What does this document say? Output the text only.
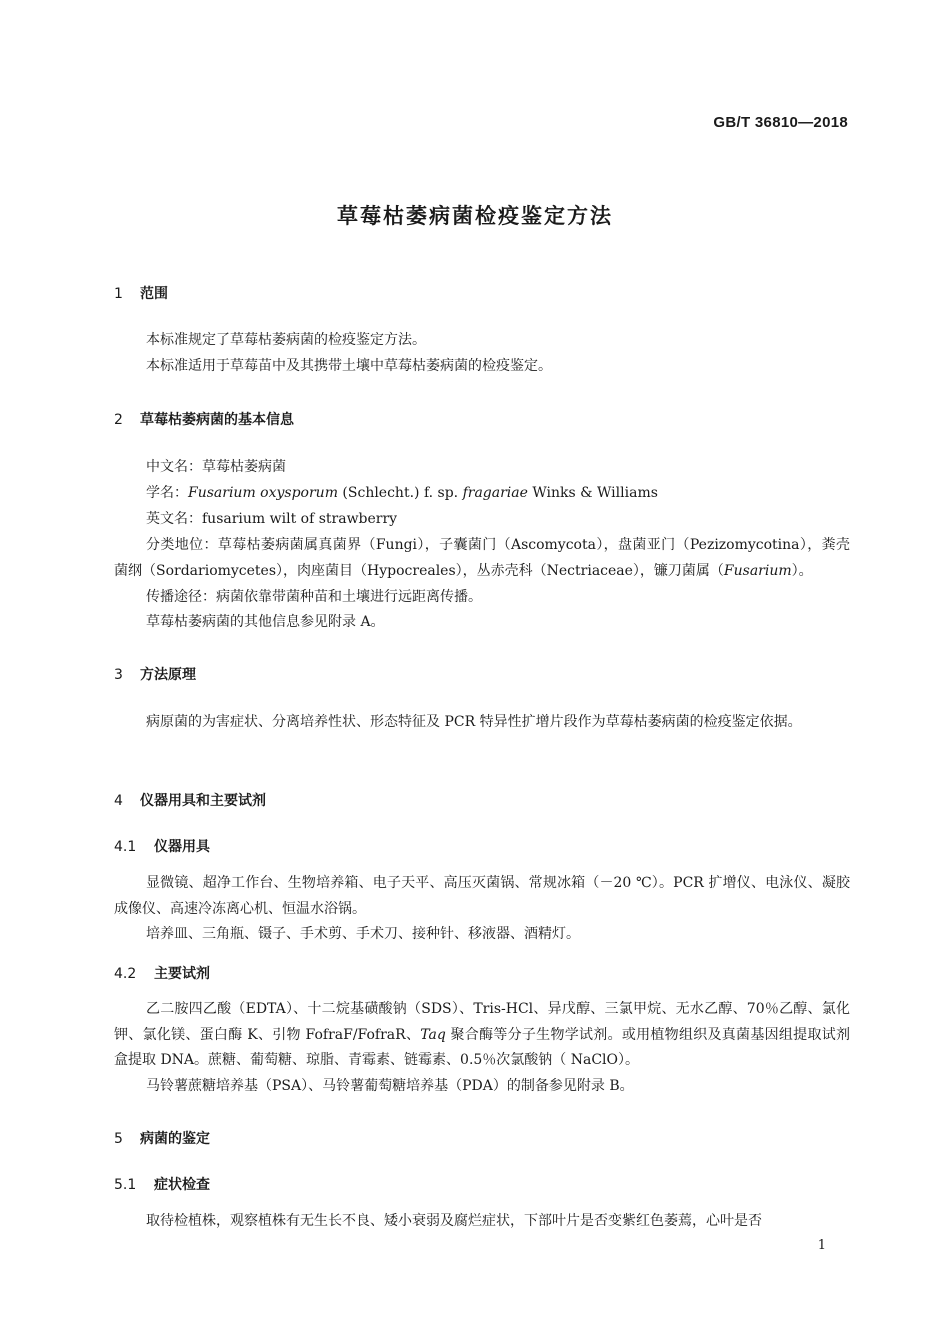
GB/T 36810—2018
草莓枯萎病菌检疫鉴定方法
1 范围
本标准规定了草莓枯萎病菌的检疫鉴定方法。
本标准适用于草莓苗中及其携带土壤中草莓枯萎病菌的检疫鉴定。
2 草莓枯萎病菌的基本信息
中文名：草莓枯萎病菌
学名：Fusarium oxysporum (Schlecht.) f. sp. fragariae Winks & Williams
英文名：fusarium wilt of strawberry
分类地位：草莓枯萎病菌属真菌界（Fungi），子囊菌门（Ascomycota），盘菌亚门（Pezizomycotina），粪壳菌纲（Sordariomycetes），肉座菌目（Hypocreales），丛赤壳科（Nectriaceae），镰刀菌属（Fusarium）。
传播途径：病菌依靠带菌种苗和土壤进行远距离传播。
草莓枯萎病菌的其他信息参见附录 A。
3 方法原理
病原菌的为害症状、分离培养性状、形态特征及 PCR 特异性扩增片段作为草莓枯萎病菌的检疫鉴定依据。
4 仪器用具和主要试剂
4.1 仪器用具
显微镜、超净工作台、生物培养箱、电子天平、高压灭菌锅、常规冰箱（－20 ℃）。PCR 扩增仪、电泳仪、凝胶成像仪、高速冷冻离心机、恒温水浴锅。
培养皿、三角瓶、镊子、手术剪、手术刀、接种针、移液器、酒精灯。
4.2 主要试剂
乙二胺四乙酸（EDTA）、十二烷基磺酸钠（SDS）、Tris-HCl、异戊醇、三氯甲烷、无水乙醇、70％乙醇、氯化钾、氯化镁、蛋白酶 K、引物 FofraF/FofraR、Taq 聚合酶等分子生物学试剂。或用植物组织及真菌基因组提取试剂盒提取 DNA。蔗糖、葡萄糖、琼脂、青霉素、链霉素、0.5％次氯酸钠（ NaClO）。
马铃薯蔗糖培养基（PSA）、马铃薯葡萄糖培养基（PDA）的制备参见附录 B。
5 病菌的鉴定
5.1 症状检查
取待检植株，观察植株有无生长不良、矮小衰弱及腐烂症状，下部叶片是否变紫红色萎蔫，心叶是否
1
